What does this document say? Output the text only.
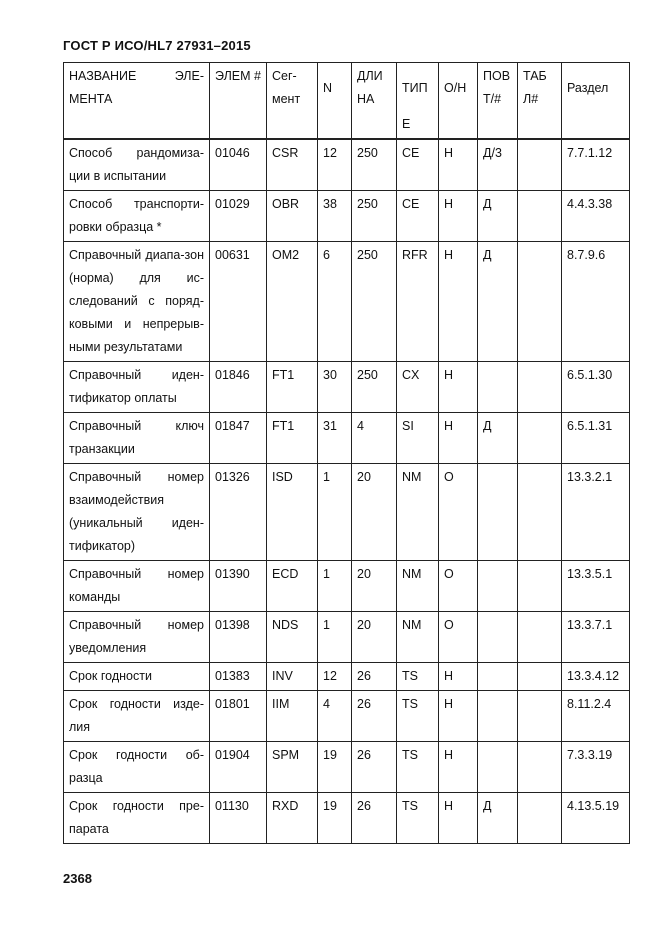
ГОСТ Р ИСО/HL7 27931–2015
НАЗВАНИЕ ЭЛЕ-МЕНТА	ЭЛЕМ #	Сег-мент	N	ДЛИ НА	ТИП	О/Н	ПОВ Т/#	ТАБ Л#	Раздел
					Е				
Способ рандомиза-ции в испытании	01046	CSR	12	250	CE	Н	Д/3		7.7.1.12
Способ транспорти-ровки образца *	01029	OBR	38	250	CE	Н	Д		4.4.3.38
Справочный диапа-зон (норма) для ис-следований с поряд-ковыми и непрерыв-ными результатами	00631	OM2	6	250	RFR	Н	Д		8.7.9.6
Справочный иден-тификатор оплаты	01846	FT1	30	250	CX	Н			6.5.1.30
Справочный ключ транзакции	01847	FT1	31	4	SI	Н	Д		6.5.1.31
Справочный номер взаимодействия (уникальный иден-тификатор)	01326	ISD	1	20	NM	О			13.3.2.1
Справочный номер команды	01390	ECD	1	20	NM	О			13.3.5.1
Справочный номер уведомления	01398	NDS	1	20	NM	О			13.3.7.1
Срок годности	01383	INV	12	26	TS	Н			13.3.4.12
Срок годности изде-лия	01801	IIM	4	26	TS	Н			8.11.2.4
Срок годности об-разца	01904	SPM	19	26	TS	Н			7.3.3.19
Срок годности пре-парата	01130	RXD	19	26	TS	Н	Д		4.13.5.19
2368
